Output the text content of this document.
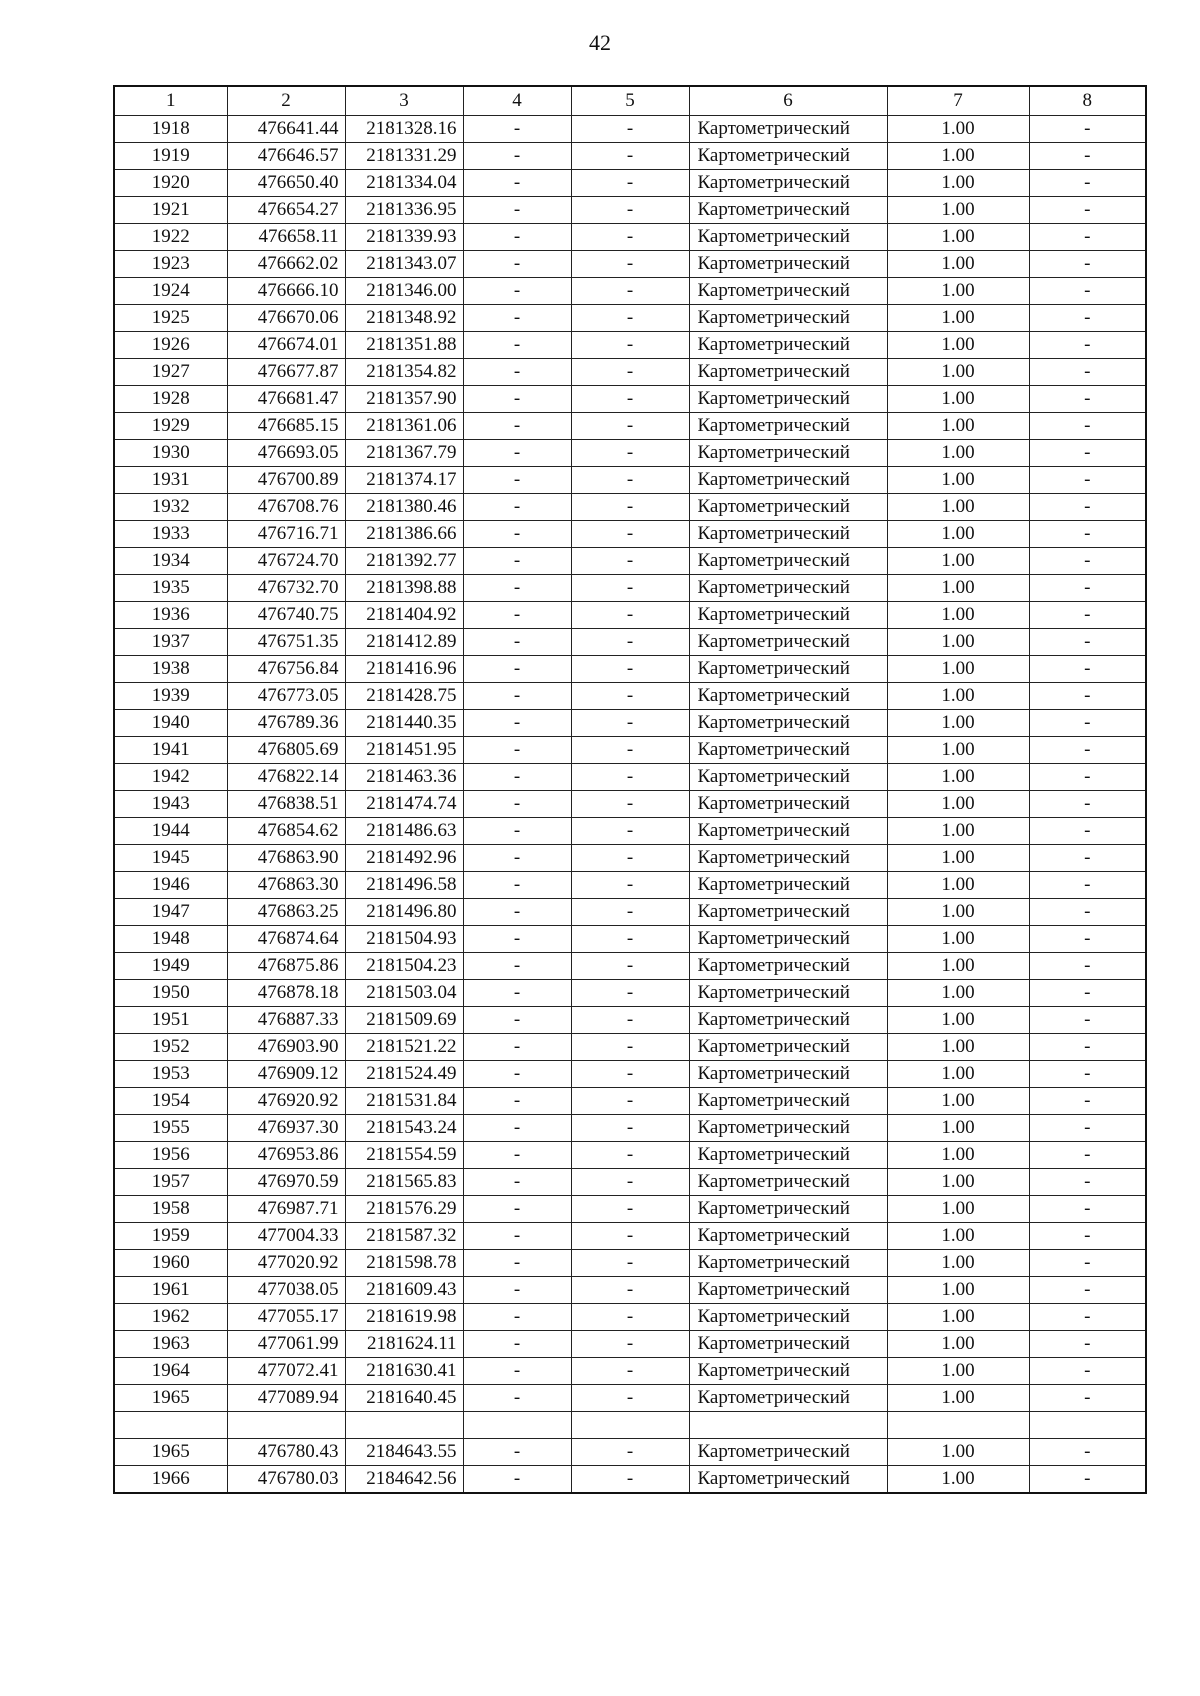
42
1	2	3	4	5	6	7	8
1918	476641.44	2181328.16	-	-	Картометрический	1.00	-
1919	476646.57	2181331.29	-	-	Картометрический	1.00	-
1920	476650.40	2181334.04	-	-	Картометрический	1.00	-
1921	476654.27	2181336.95	-	-	Картометрический	1.00	-
1922	476658.11	2181339.93	-	-	Картометрический	1.00	-
1923	476662.02	2181343.07	-	-	Картометрический	1.00	-
1924	476666.10	2181346.00	-	-	Картометрический	1.00	-
1925	476670.06	2181348.92	-	-	Картометрический	1.00	-
1926	476674.01	2181351.88	-	-	Картометрический	1.00	-
1927	476677.87	2181354.82	-	-	Картометрический	1.00	-
1928	476681.47	2181357.90	-	-	Картометрический	1.00	-
1929	476685.15	2181361.06	-	-	Картометрический	1.00	-
1930	476693.05	2181367.79	-	-	Картометрический	1.00	-
1931	476700.89	2181374.17	-	-	Картометрический	1.00	-
1932	476708.76	2181380.46	-	-	Картометрический	1.00	-
1933	476716.71	2181386.66	-	-	Картометрический	1.00	-
1934	476724.70	2181392.77	-	-	Картометрический	1.00	-
1935	476732.70	2181398.88	-	-	Картометрический	1.00	-
1936	476740.75	2181404.92	-	-	Картометрический	1.00	-
1937	476751.35	2181412.89	-	-	Картометрический	1.00	-
1938	476756.84	2181416.96	-	-	Картометрический	1.00	-
1939	476773.05	2181428.75	-	-	Картометрический	1.00	-
1940	476789.36	2181440.35	-	-	Картометрический	1.00	-
1941	476805.69	2181451.95	-	-	Картометрический	1.00	-
1942	476822.14	2181463.36	-	-	Картометрический	1.00	-
1943	476838.51	2181474.74	-	-	Картометрический	1.00	-
1944	476854.62	2181486.63	-	-	Картометрический	1.00	-
1945	476863.90	2181492.96	-	-	Картометрический	1.00	-
1946	476863.30	2181496.58	-	-	Картометрический	1.00	-
1947	476863.25	2181496.80	-	-	Картометрический	1.00	-
1948	476874.64	2181504.93	-	-	Картометрический	1.00	-
1949	476875.86	2181504.23	-	-	Картометрический	1.00	-
1950	476878.18	2181503.04	-	-	Картометрический	1.00	-
1951	476887.33	2181509.69	-	-	Картометрический	1.00	-
1952	476903.90	2181521.22	-	-	Картометрический	1.00	-
1953	476909.12	2181524.49	-	-	Картометрический	1.00	-
1954	476920.92	2181531.84	-	-	Картометрический	1.00	-
1955	476937.30	2181543.24	-	-	Картометрический	1.00	-
1956	476953.86	2181554.59	-	-	Картометрический	1.00	-
1957	476970.59	2181565.83	-	-	Картометрический	1.00	-
1958	476987.71	2181576.29	-	-	Картометрический	1.00	-
1959	477004.33	2181587.32	-	-	Картометрический	1.00	-
1960	477020.92	2181598.78	-	-	Картометрический	1.00	-
1961	477038.05	2181609.43	-	-	Картометрический	1.00	-
1962	477055.17	2181619.98	-	-	Картометрический	1.00	-
1963	477061.99	2181624.11	-	-	Картометрический	1.00	-
1964	477072.41	2181630.41	-	-	Картометрический	1.00	-
1965	477089.94	2181640.45	-	-	Картометрический	1.00	-

1965	476780.43	2184643.55	-	-	Картометрический	1.00	-
1966	476780.03	2184642.56	-	-	Картометрический	1.00	-
